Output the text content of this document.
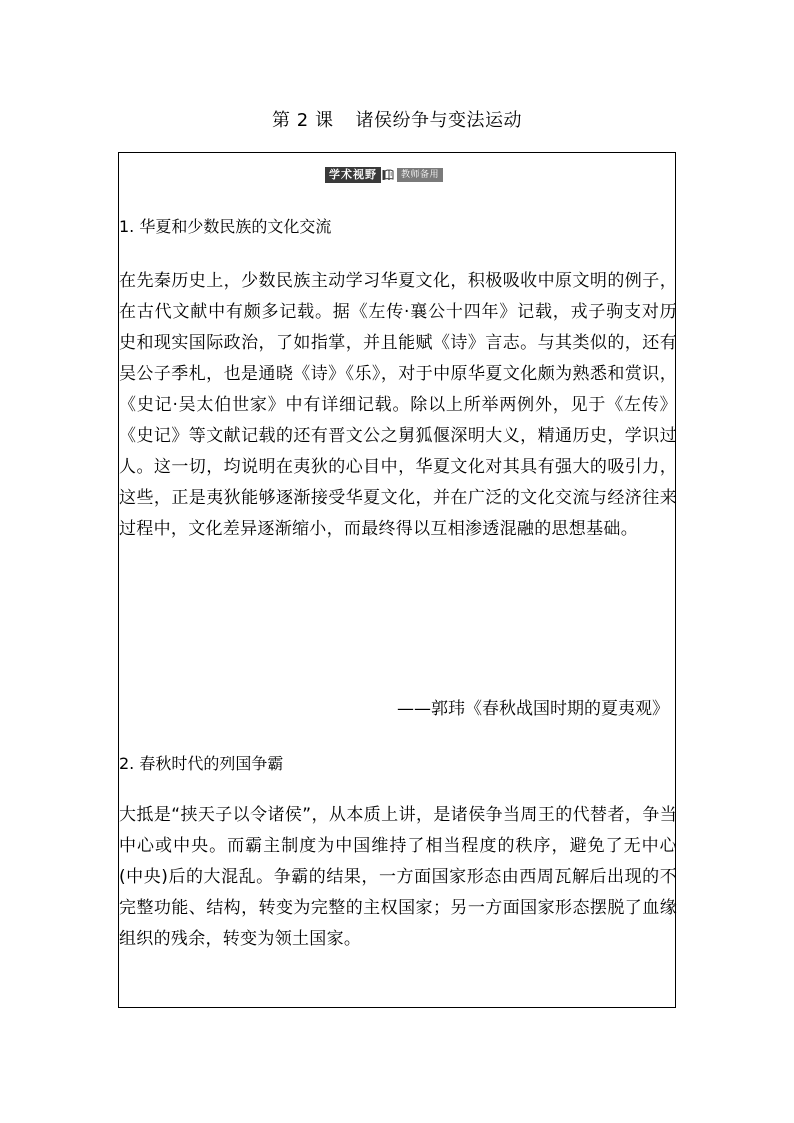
第 2 课 诸侯纷争与变法运动
学术视野	教师备用
1. 华夏和少数民族的文化交流

在先秦历史上，少数民族主动学习华夏文化，积极吸收中原文明的例子，在古代文献中有颇多记载。据《左传·襄公十四年》记载，戎子驹支对历史和现实国际政治，了如指掌，并且能赋《诗》言志。与其类似的，还有吴公子季札，也是通晓《诗》《乐》，对于中原华夏文化颇为熟悉和赏识，《史记·吴太伯世家》中有详细记载。除以上所举两例外，见于《左传》《史记》等文献记载的还有晋文公之舅狐偃深明大义，精通历史，学识过人。这一切，均说明在夷狄的心目中，华夏文化对其具有强大的吸引力，这些，正是夷狄能够逐渐接受华夏文化，并在广泛的文化交流与经济往来过程中，文化差异逐渐缩小，而最终得以互相渗透混融的思想基础。

——郭玮《春秋战国时期的夏夷观》
2. 春秋时代的列国争霸

大抵是“挟天子以令诸侯”，从本质上讲，是诸侯争当周王的代替者，争当中心或中央。而霸主制度为中国维持了相当程度的秩序，避免了无中心(中央)后的大混乱。争霸的结果，一方面国家形态由西周瓦解后出现的不完整功能、结构，转变为完整的主权国家；另一方面国家形态摆脱了血缘组织的残余，转变为领土国家。
